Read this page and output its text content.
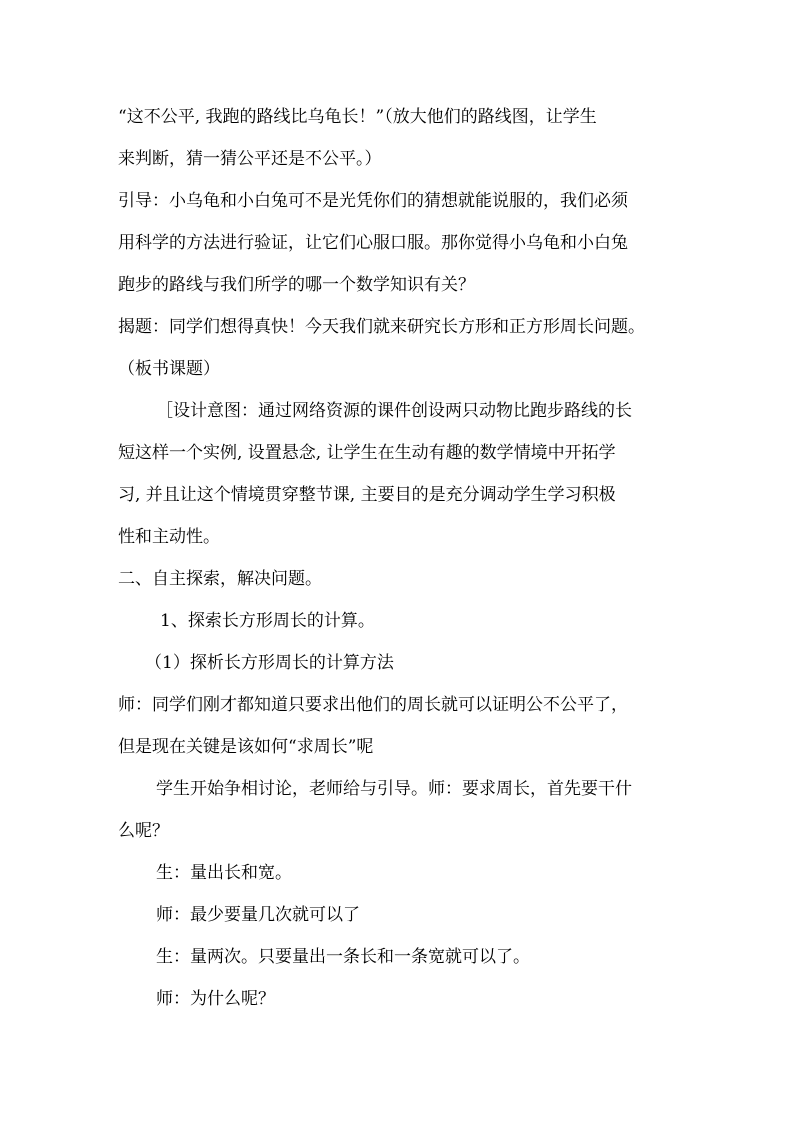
“这不公平, 我跑的路线比乌龟长！”（放大他们的路线图，让学生
来判断，猜一猜公平还是不公平。）
引导：小乌龟和小白兔可不是光凭你们的猜想就能说服的，我们必须
用科学的方法进行验证，让它们心服口服。那你觉得小乌龟和小白兔
跑步的路线与我们所学的哪一个数学知识有关？
揭题：同学们想得真快！今天我们就来研究长方形和正方形周长问题。
（板书课题）
［设计意图：通过网络资源的课件创设两只动物比跑步路线的长
短这样一个实例, 设置悬念, 让学生在生动有趣的数学情境中开拓学
习, 并且让这个情境贯穿整节课, 主要目的是充分调动学生学习积极
性和主动性。
二、自主探索，解决问题。
1、探索长方形周长的计算。
（1）探析长方形周长的计算方法
师：同学们刚才都知道只要求出他们的周长就可以证明公不公平了，
但是现在关键是该如何“求周长”呢
学生开始争相讨论，老师给与引导。师：要求周长，首先要干什
么呢？
生：量出长和宽。
师：最少要量几次就可以了
生：量两次。只要量出一条长和一条宽就可以了。
师：为什么呢？
